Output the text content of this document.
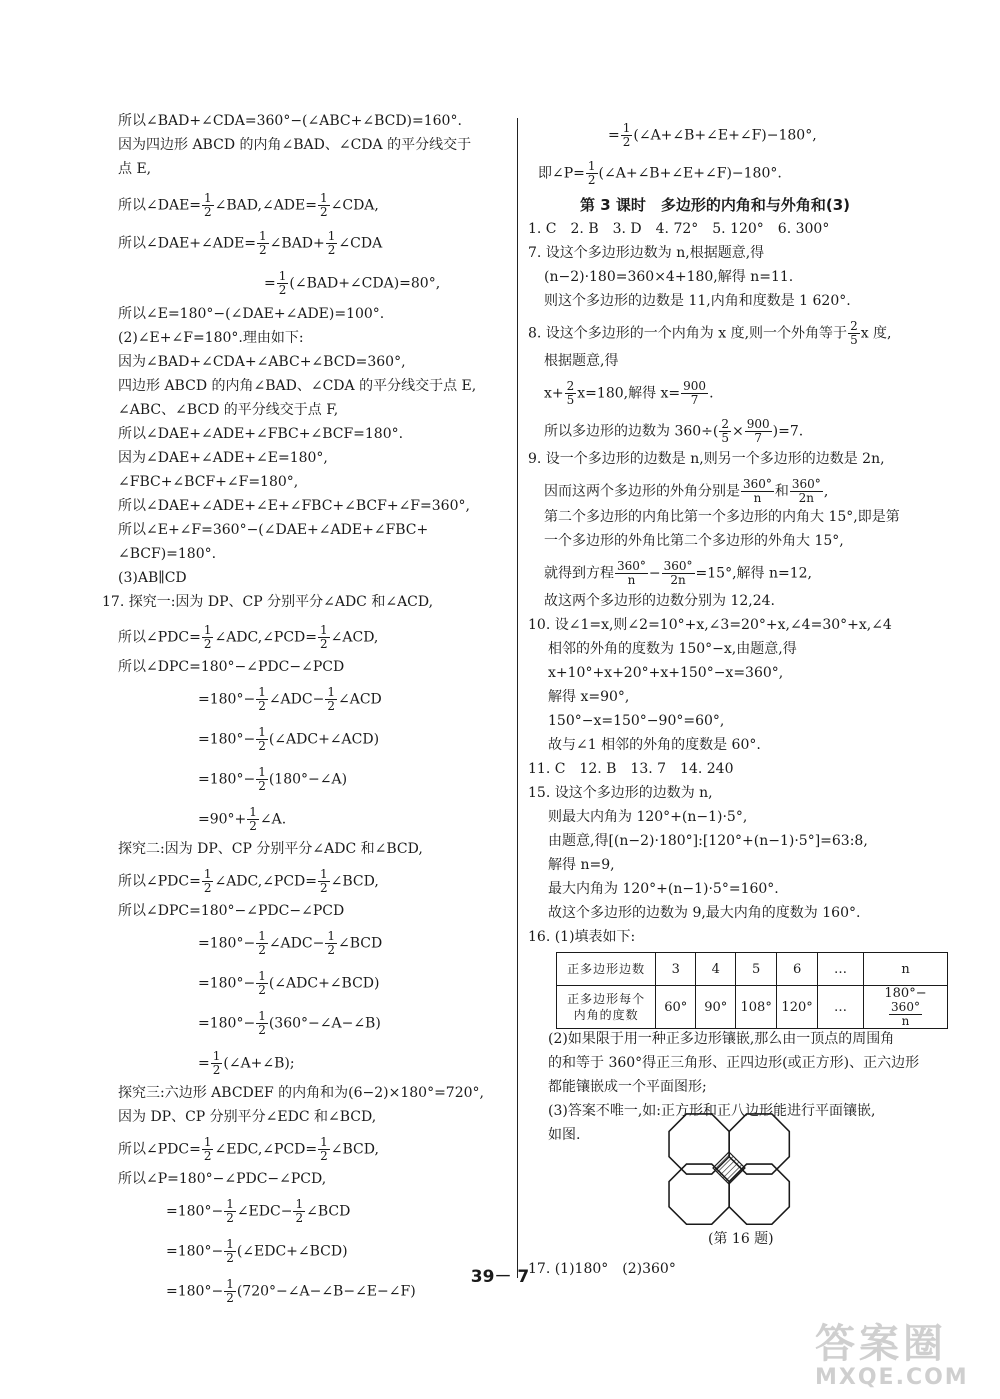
所以∠BAD+∠CDA=360°−(∠ABC+∠BCD)=160°.
因为四边形 ABCD 的内角∠BAD、∠CDA 的平分线交于
点 E,
所以∠DAE= $\frac{1}{2}$ ∠BAD,∠ADE= $\frac{1}{2}$ ∠CDA,
所以∠DAE+∠ADE= $\frac{1}{2}$ ∠BAD+ $\frac{1}{2}$ ∠CDA
= $\frac{1}{2}$ (∠BAD+∠CDA)=80°,
所以∠E=180°−(∠DAE+∠ADE)=100°.
(2)∠E+∠F=180°.理由如下:
因为∠BAD+∠CDA+∠ABC+∠BCD=360°,
四边形 ABCD 的内角∠BAD、∠CDA 的平分线交于点 E,
∠ABC、∠BCD 的平分线交于点 F,
所以∠DAE+∠ADE+∠FBC+∠BCF=180°.
因为∠DAE+∠ADE+∠E=180°,
∠FBC+∠BCF+∠F=180°,
所以∠DAE+∠ADE+∠E+∠FBC+∠BCF+∠F=360°,
所以∠E+∠F=360°−(∠DAE+∠ADE+∠FBC+
∠BCF)=180°.
(3)AB∥CD
17. 探究一:因为 DP、CP 分别平分∠ADC 和∠ACD,
所以∠PDC= $\frac{1}{2}$ ∠ADC,∠PCD= $\frac{1}{2}$ ∠ACD,
所以∠DPC=180°−∠PDC−∠PCD
$=180^\circ- \frac{1}{2}$ ∠ADC− $\frac{1}{2}$ ∠ACD
$=180^\circ- \frac{1}{2}$ (∠ADC+∠ACD)
$=180^\circ- \frac{1}{2}$ (180°−∠A)
$=90^\circ+ \frac{1}{2}$ ∠A.
探究二:因为 DP、CP 分别平分∠ADC 和∠BCD,
所以∠PDC= $\frac{1}{2}$ ∠ADC,∠PCD= $\frac{1}{2}$ ∠BCD,
所以∠DPC=180°−∠PDC−∠PCD
$=180^\circ- \frac{1}{2}$ ∠ADC− $\frac{1}{2}$ ∠BCD
$=180^\circ- \frac{1}{2}$ (∠ADC+∠BCD)
$=180^\circ- \frac{1}{2}$ (360°−∠A−∠B)
= $\frac{1}{2}$ (∠A+∠B);
探究三:六边形 ABCDEF 的内角和为(6−2)×180°=720°,
因为 DP、CP 分别平分∠EDC 和∠BCD,
所以∠PDC= $\frac{1}{2}$ ∠EDC,∠PCD= $\frac{1}{2}$ ∠BCD,
所以∠P=180°−∠PDC−∠PCD,
$=180^\circ- \frac{1}{2}$ ∠EDC− $\frac{1}{2}$ ∠BCD
$=180^\circ- \frac{1}{2}$ (∠EDC+∠BCD)
$=180^\circ- \frac{1}{2}$ (720°−∠A−∠B−∠E−∠F)
= $\frac{1}{2}$ (∠A+∠B+∠E+∠F)−180°,
即∠P= $\frac{1}{2}$ (∠A+∠B+∠E+∠F)−180°.
第 3 课时　多边形的内角和与外角和(3)
1. C　2. B　3. D　4. 72°　5. 120°　6. 300°
7. 设这个多边形边数为 n,根据题意,得
(n−2)·180=360×4+180,解得 n=11.
则这个多边形的边数是 11,内角和度数是 1 620°.
8. 设这个多边形的一个内角为 x 度,则一个外角等于 $\frac{2}{5}$ x 度,
根据题意,得
$x+ \frac{2}{5} x=180$,解得 $x= \frac{900}{7}$ .
所以多边形的边数为 $360\div( \frac{2}{5} \times \frac{900}{7} )=7$.
9. 设一个多边形的边数是 n,则另一个多边形的边数是 2n,
因而这两个多边形的外角分别是 $\frac{360^\circ}{n}$ 和 $\frac{360^\circ}{2n}$ ,
第二个多边形的内角比第一个多边形的内角大 15°,即是第
一个多边形的外角比第二个多边形的外角大 15°,
就得到方程 $\frac{360^\circ}{n} - \frac{360^\circ}{2n} =15^\circ$,解得 n=12,
故这两个多边形的边数分别为 12,24.
10. 设∠1=x,则∠2=10°+x,∠3=20°+x,∠4=30°+x,∠4
相邻的外角的度数为 150°−x,由题意,得
x+10°+x+20°+x+150°−x=360°,
解得 x=90°,
150°−x=150°−90°=60°,
故与∠1 相邻的外角的度数是 60°.
11. C　12. B　13. 7　14. 240
15. 设这个多边形的边数为 n,
则最大内角为 120°+(n−1)·5°,
由题意,得[(n−2)·180°]:[120°+(n−1)·5°]=63:8,
解得 n=9,
最大内角为 120°+(n−1)·5°=160°.
故这个多边形的边数为 9,最大内角的度数为 160°.
16. (1)填表如下:
正多边形边数	3	4	5	6	…	n
正多边形每个内角的度数	60°	90°	108°	120°	…	180°−
$\frac{360^\circ}{n}$
(2)如果限于用一种正多边形镶嵌,那么由一顶点的周围角
的和等于 360°得正三角形、正四边形(或正方形)、正六边形
都能镶嵌成一个平面图形;
(3)答案不唯一,如:正方形和正八边形能进行平面镶嵌,
如图.
(第 16 题)
17. (1)180°　(2)360°
39－ 7
答案圈
MXQE.COM
